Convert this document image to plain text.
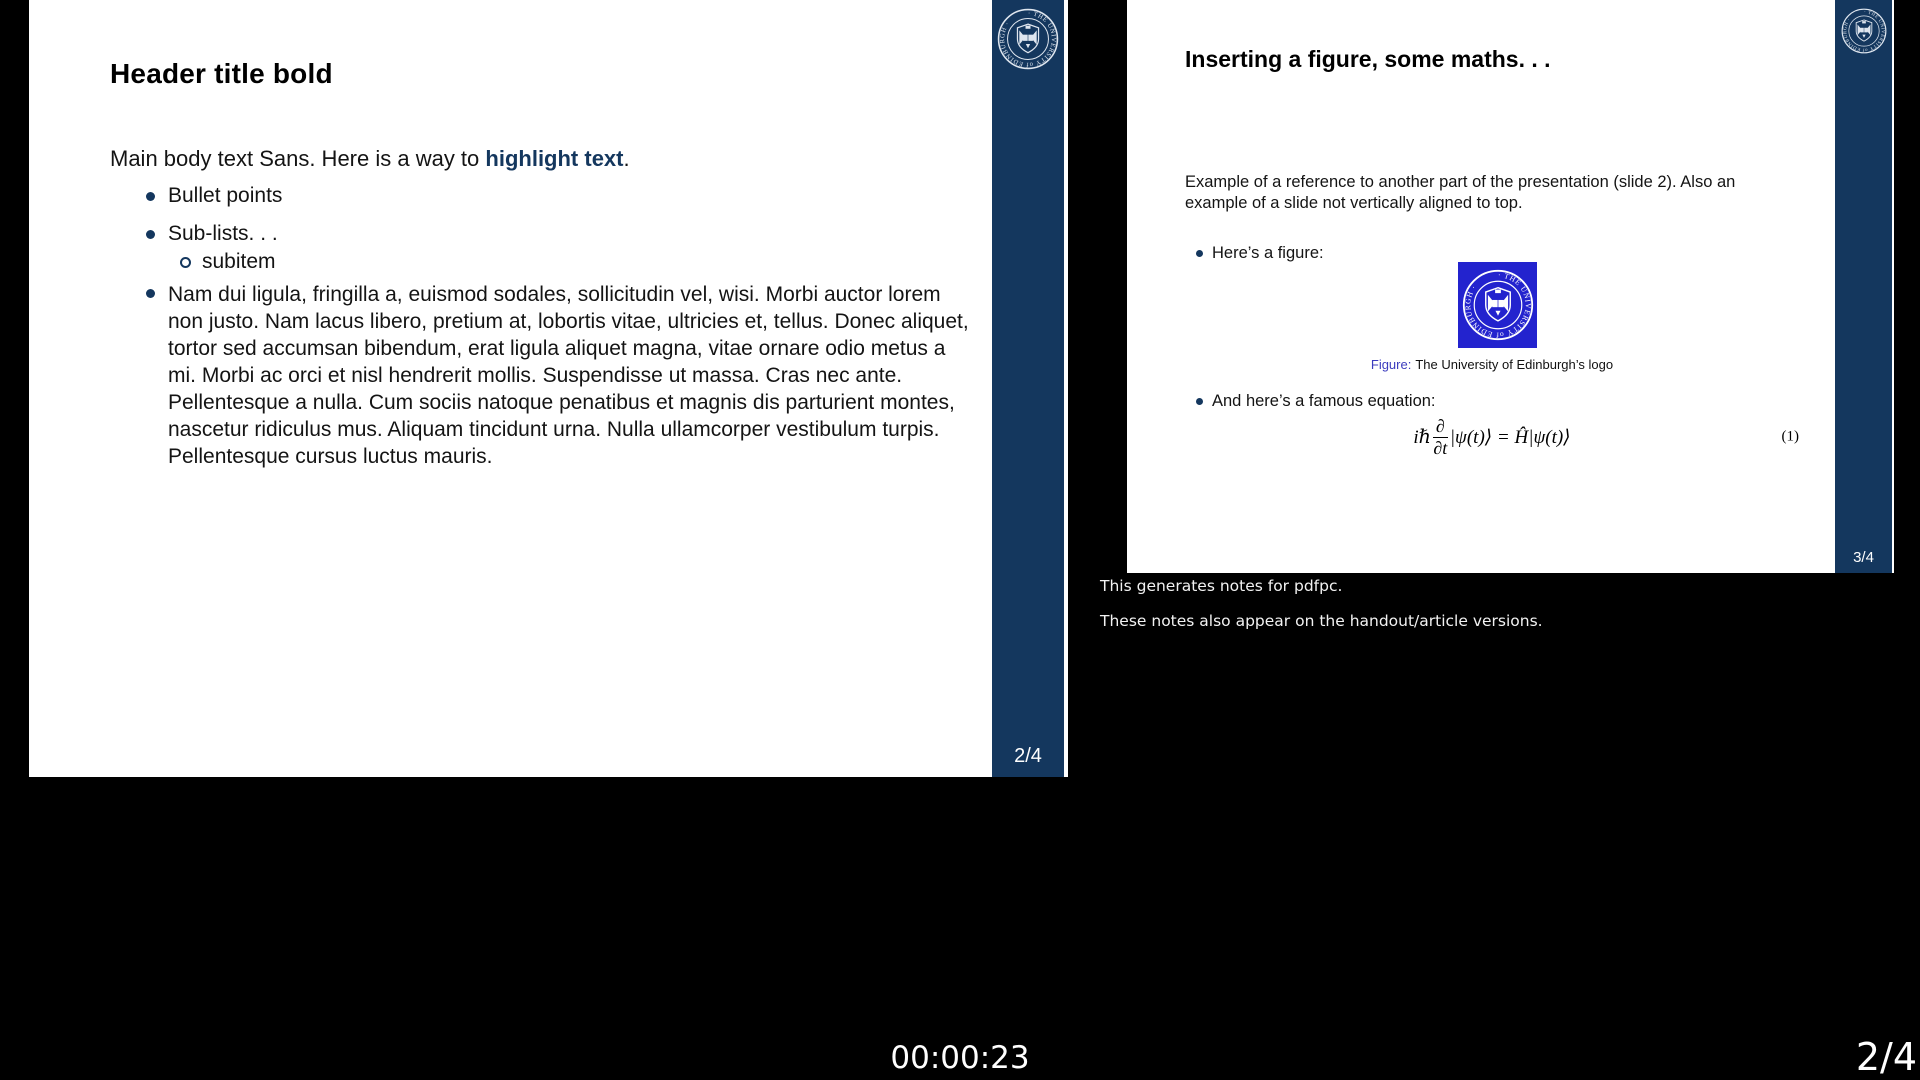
Header title bold
Main body text Sans. Here is a way to highlight text.
Bullet points
Sub-lists. . .
subitem
Nam dui ligula, fringilla a, euismod sodales, sollicitudin vel, wisi. Morbi auctor lorem non justo. Nam lacus libero, pretium at, lobortis vitae, ultricies et, tellus. Donec aliquet, tortor sed accumsan bibendum, erat ligula aliquet magna, vitae ornare odio metus a mi. Morbi ac orci et nisl hendrerit mollis. Suspendisse ut massa. Cras nec ante. Pellentesque a nulla. Cum sociis natoque penatibus et magnis dis parturient montes, nascetur ridiculus mus. Aliquam tincidunt urna. Nulla ullamcorper vestibulum turpis. Pellentesque cursus luctus mauris.
2/4
Inserting a figure, some maths. . .
Example of a reference to another part of the presentation (slide 2). Also an example of a slide not vertically aligned to top.
Here’s a figure:
Figure: The University of Edinburgh’s logo
And here’s a famous equation:
iℏ $\frac{\partial}{\partial t}$ |ψ(t)⟩ = Ĥ|ψ(t)⟩	(1)
3/4
This generates notes for pdfpc.
These notes also appear on the handout/article versions.
00:00:23	2/4
